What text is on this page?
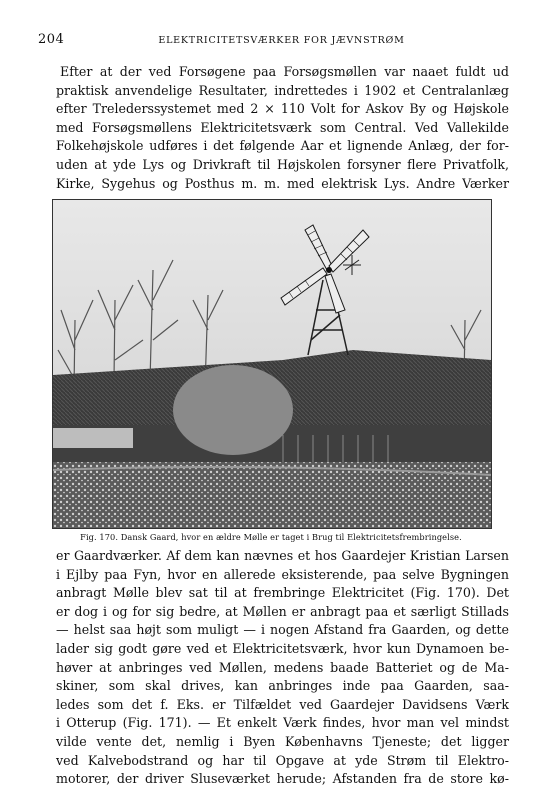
204	ELEKTRICITETSVÆRKER FOR JÆVNSTRØM

Efter at der ved Forsøgene paa Forsøgsmøllen var naaet fuldt ud

praktisk anvendelige Resultater, indrettedes i 1902 et Centralanlæg

efter Trelederssystemet med 2 × 110 Volt for Askov By og Højskole

med Forsøgsmøllens Elektricitetsværk som Central. Ved Vallekilde

Folkehøjskole udføres i det følgende Aar et lignende Anlæg, der for-

uden at yde Lys og Drivkraft til Højskolen forsyner flere Privatfolk,

Kirke, Sygehus og Posthus m. m. med elektrisk Lys. Andre Værker

Fig. 170. Dansk Gaard, hvor en ældre Mølle er taget i Brug til Elektricitetsfrembringelse.

er Gaardværker. Af dem kan nævnes et hos Gaardejer Kristian Larsen

i Ejlby paa Fyn, hvor en allerede eksisterende, paa selve Bygningen

anbragt Mølle blev sat til at frembringe Elektricitet (Fig. 170). Det

er dog i og for sig bedre, at Møllen er anbragt paa et særligt Stillads

— helst saa højt som muligt — i nogen Afstand fra Gaarden, og dette

lader sig godt gøre ved et Elektricitetsværk, hvor kun Dynamoen be-

høver at anbringes ved Møllen, medens baade Batteriet og de Ma-

skiner, som skal drives, kan anbringes inde paa Gaarden, saa-

ledes som det f. Eks. er Tilfældet ved Gaardejer Davidsens Værk

i Otterup (Fig. 171). — Et enkelt Værk findes, hvor man vel mindst

vilde vente det, nemlig i Byen Københavns Tjeneste; det ligger

ved Kalvebodstrand og har til Opgave at yde Strøm til Elektro-

motorer, der driver Sluseværket herude; Afstanden fra de store kø-
